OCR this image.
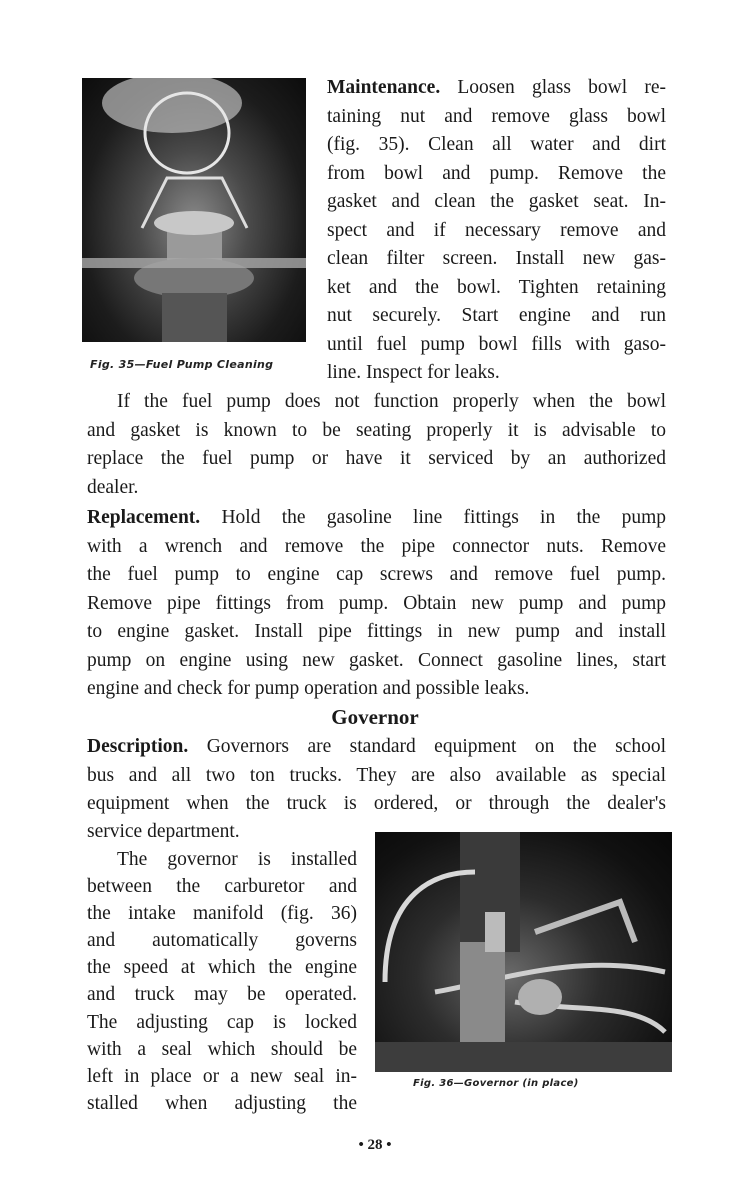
Fig. 35—Fuel Pump Cleaning
Maintenance. Loosen glass bowl re-
taining nut and remove glass bowl
(fig. 35). Clean all water and dirt
from bowl and pump. Remove the
gasket and clean the gasket seat. In-
spect and if necessary remove and
clean filter screen. Install new gas-
ket and the bowl. Tighten retaining
nut securely. Start engine and run
until fuel pump bowl fills with gaso-
line. Inspect for leaks.
If the fuel pump does not function properly when the bowl
and gasket is known to be seating properly it is advisable to
replace the fuel pump or have it serviced by an authorized
dealer.
Replacement. Hold the gasoline line fittings in the pump
with a wrench and remove the pipe connector nuts. Remove
the fuel pump to engine cap screws and remove fuel pump.
Remove pipe fittings from pump. Obtain new pump and pump
to engine gasket. Install pipe fittings in new pump and install
pump on engine using new gasket. Connect gasoline lines, start
engine and check for pump operation and possible leaks.
Governor
Description. Governors are standard equipment on the school
bus and all two ton trucks. They are also available as special
equipment when the truck is ordered, or through the dealer's
service department.
The governor is installed
between the carburetor and
the intake manifold (fig. 36)
and automatically governs
the speed at which the engine
and truck may be operated.
The adjusting cap is locked
with a seal which should be
left in place or a new seal in-
stalled when adjusting the
Fig. 36—Governor (in place)
• 28 •
